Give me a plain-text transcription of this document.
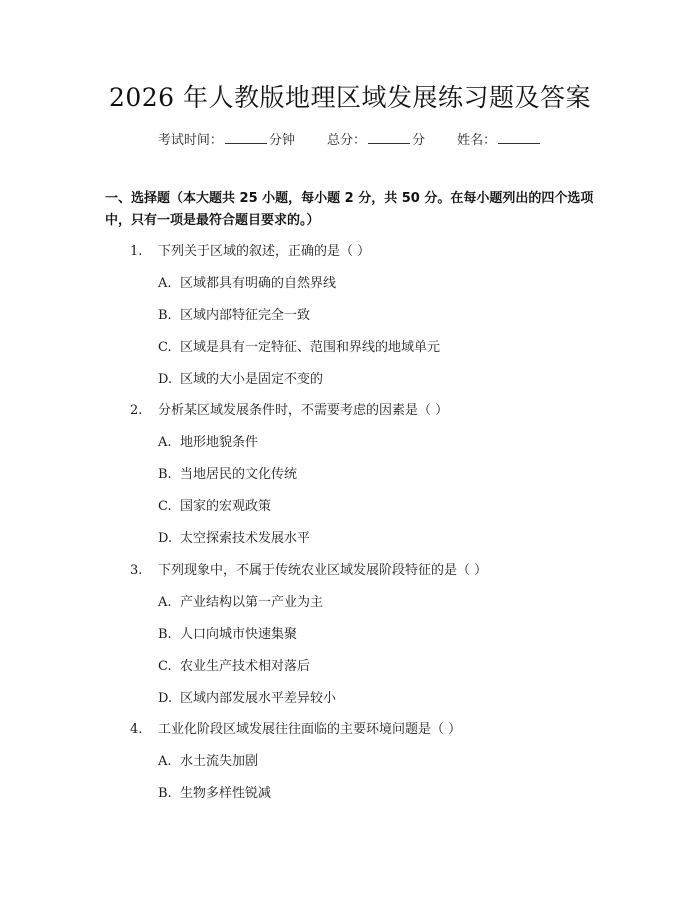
2026 年人教版地理区域发展练习题及答案
考试时间：	分钟 总分：	分 姓名：
一、选择题（本大题共 25 小题，每小题 2 分，共 50 分。在每小题列出的四个选项中，只有一项是最符合题目要求的。）
1. 下列关于区域的叙述，正确的是（ ）
A. 区域都具有明确的自然界线
B. 区域内部特征完全一致
C. 区域是具有一定特征、范围和界线的地域单元
D. 区域的大小是固定不变的
2. 分析某区域发展条件时，不需要考虑的因素是（ ）
A. 地形地貌条件
B. 当地居民的文化传统
C. 国家的宏观政策
D. 太空探索技术发展水平
3. 下列现象中，不属于传统农业区域发展阶段特征的是（ ）
A. 产业结构以第一产业为主
B. 人口向城市快速集聚
C. 农业生产技术相对落后
D. 区域内部发展水平差异较小
4. 工业化阶段区域发展往往面临的主要环境问题是（ ）
A. 水土流失加剧
B. 生物多样性锐减
